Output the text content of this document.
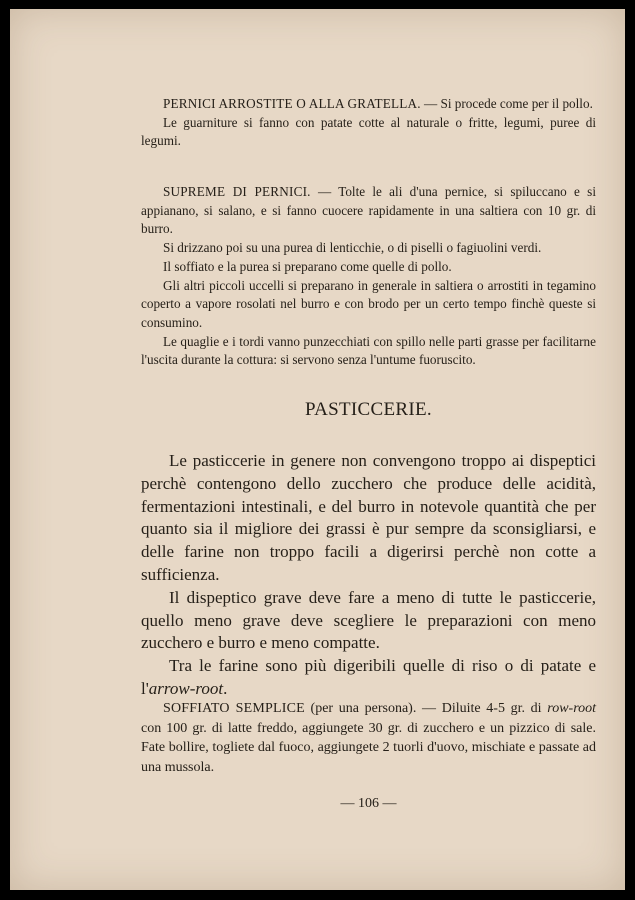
PERNICI ARROSTITE O ALLA GRATELLA. — Si procede come per il pollo.

Le guarniture si fanno con patate cotte al naturale o fritte, legumi, puree di legumi.

SUPREME DI PERNICI. — Tolte le ali d'una pernice, si spiluccano e si appianano, si salano, e si fanno cuocere rapidamente in una saltiera con 10 gr. di burro.

Si drizzano poi su una purea di lenticchie, o di piselli o fagiuolini verdi.

Il soffiato e la purea si preparano come quelle di pollo.

Gli altri piccoli uccelli si preparano in generale in saltiera o arrostiti in tegamino coperto a vapore rosolati nel burro e con brodo per un certo tempo finchè queste si consumino.

Le quaglie e i tordi vanno punzecchiati con spillo nelle parti grasse per facilitarne l'uscita durante la cottura: si servono senza l'untume fuoruscito.

PASTICCERIE.

Le pasticcerie in genere non convengono troppo ai dispeptici perchè contengono dello zucchero che produce delle acidità, fermentazioni intestinali, e del burro in notevole quantità che per quanto sia il migliore dei grassi è pur sempre da sconsigliarsi, e delle farine non troppo facili a digerirsi perchè non cotte a sufficienza.

Il dispeptico grave deve fare a meno di tutte le pasticcerie, quello meno grave deve scegliere le preparazioni con meno zucchero e burro e meno compatte.

Tra le farine sono più digeribili quelle di riso o di patate e l'arrow-root.

SOFFIATO SEMPLICE (per una persona). — Diluite 4-5 gr. di row-root con 100 gr. di latte freddo, aggiungete 30 gr. di zucchero e un pizzico di sale. Fate bollire, togliete dal fuoco, aggiungete 2 tuorli d'uovo, mischiate e passate ad una mussola.

— 106 —
